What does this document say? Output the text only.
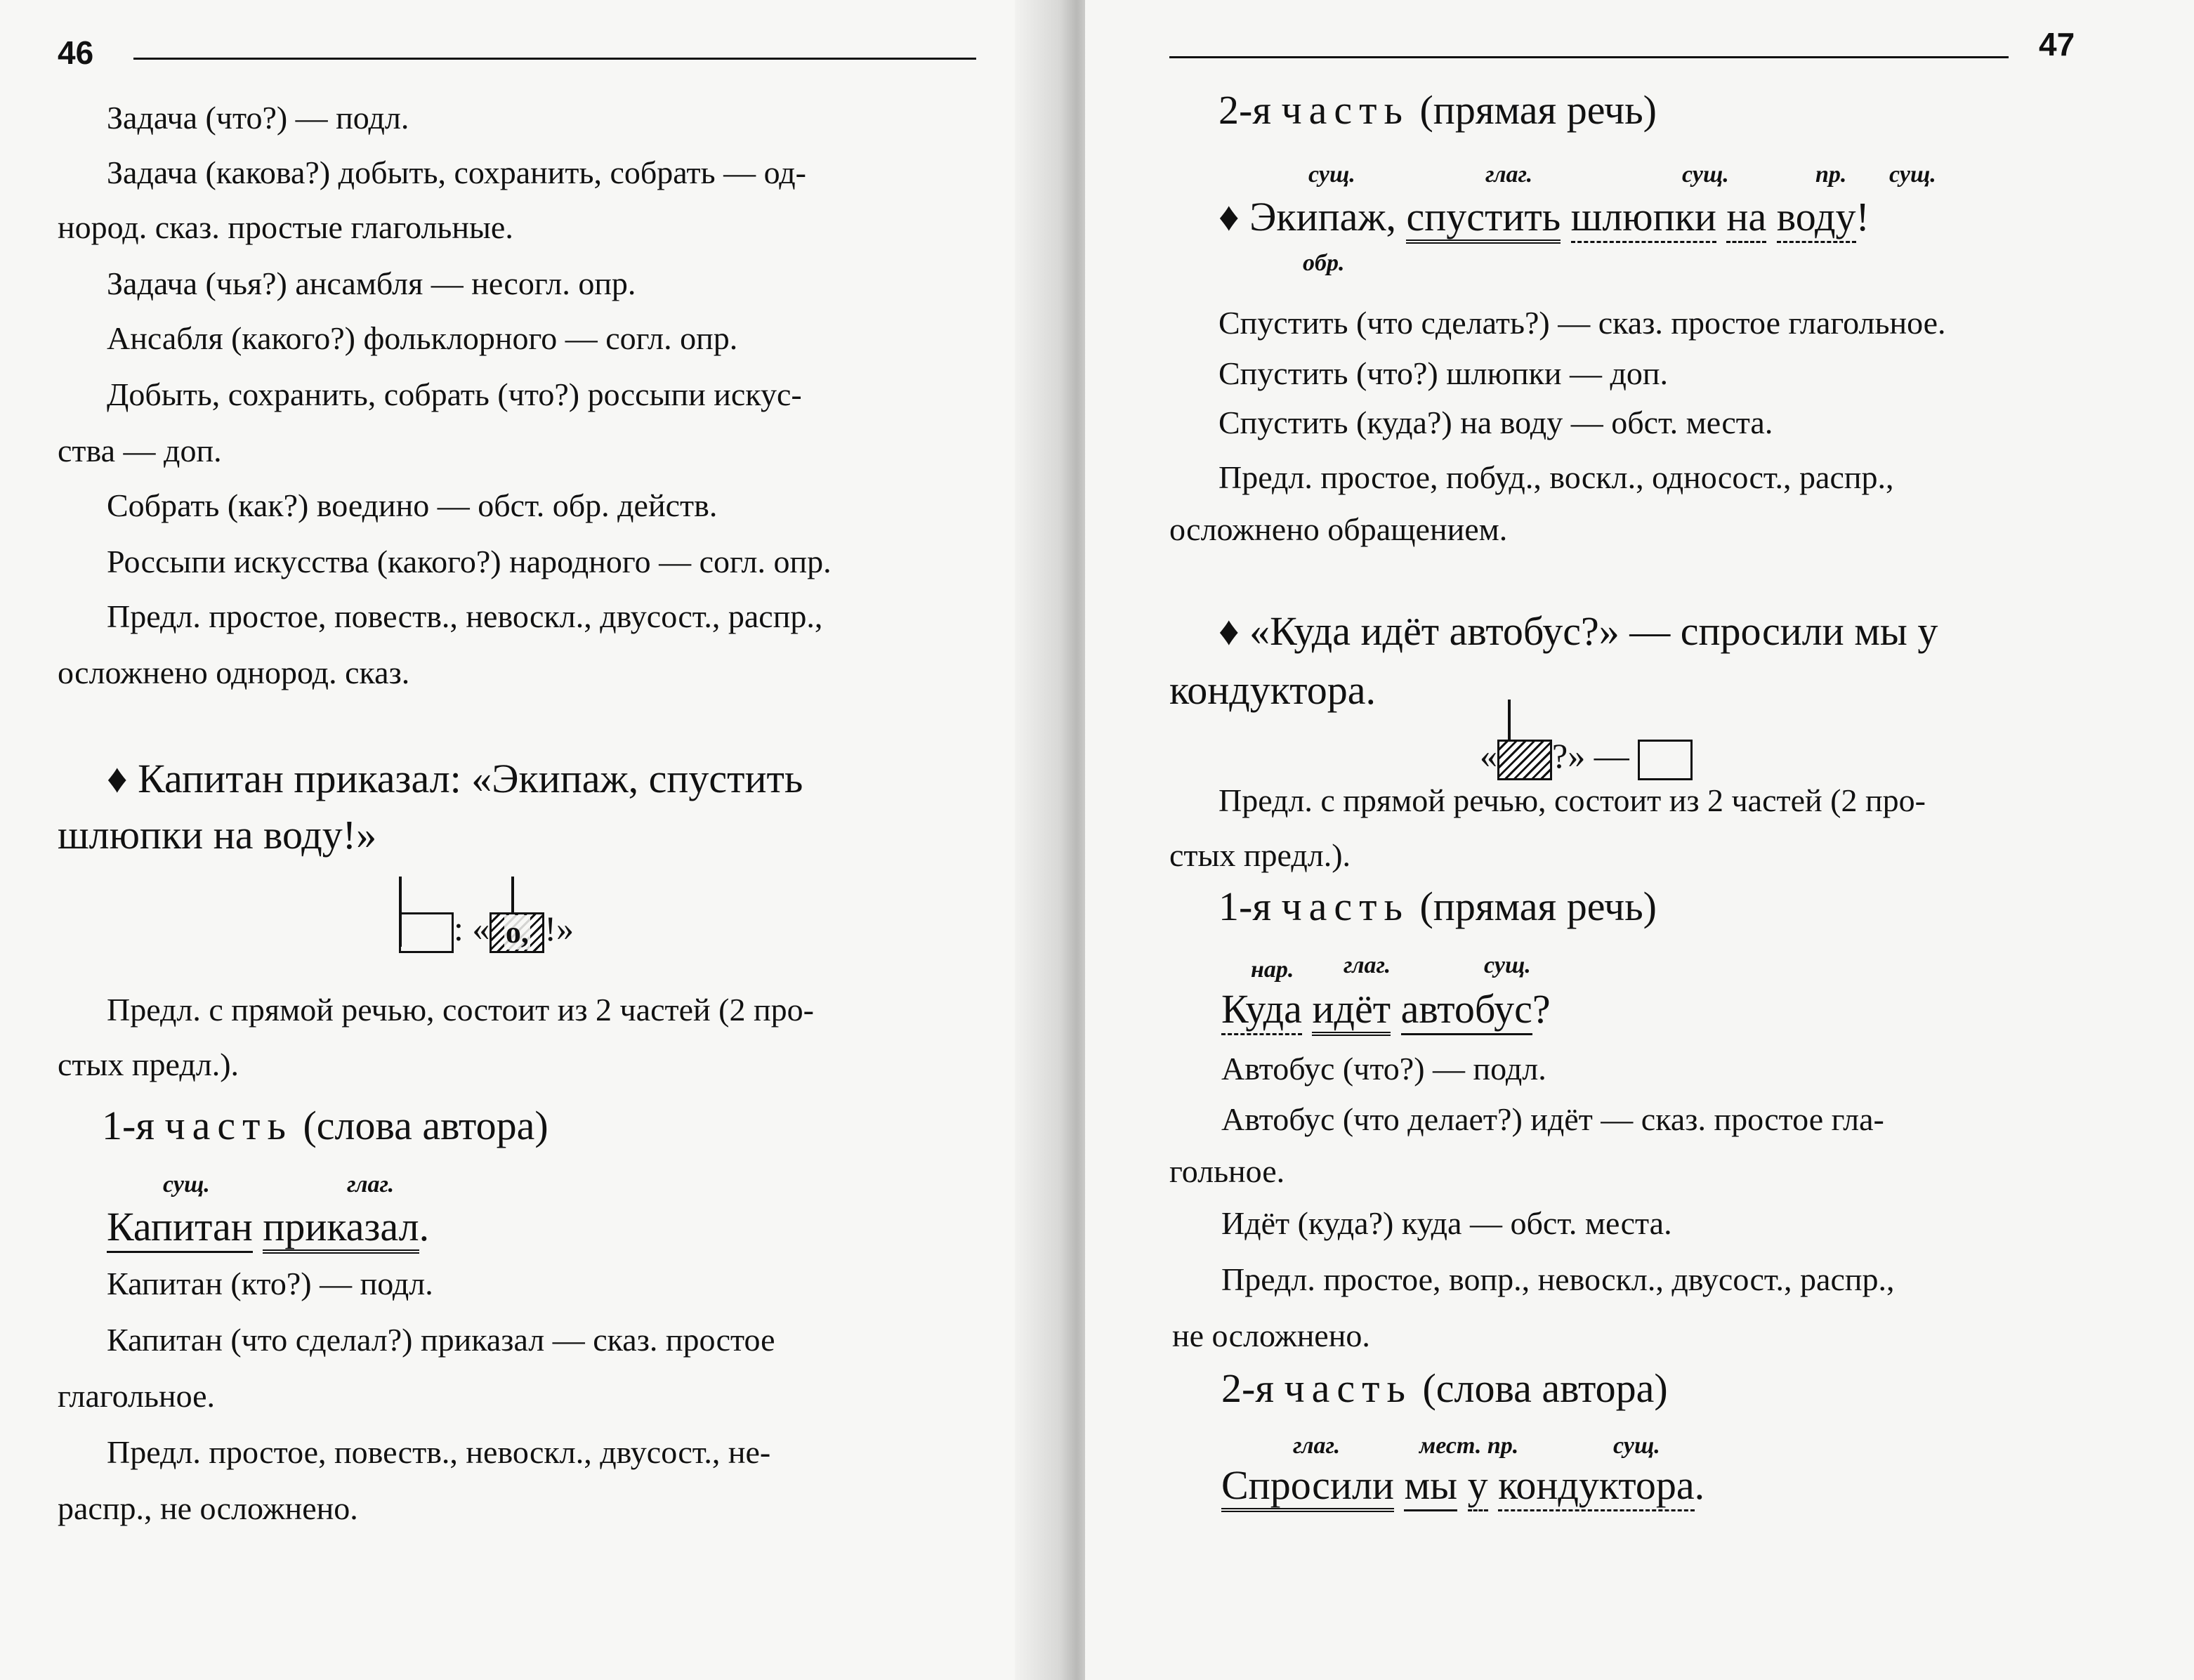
46
Задача (что?) — подл.
Задача (какова?) добыть, сохранить, собрать — од-
нород. сказ. простые глагольные.
Задача (чья?) ансамбля — несогл. опр.
Ансабля (какого?) фольклорного — согл. опр.
Добыть, сохранить, собрать (что?) россыпи искус-
ства — доп.
Собрать (как?) воедино — обст. обр. действ.
Россыпи искусства (какого?) народного — согл. опр.
Предл. простое, повеств., невоскл., двусост., распр.,
осложнено однород. сказ.
♦ Капитан приказал: «Экипаж, спустить
шлюпки на воду!»
: « о, !»
Предл. с прямой речью, состоит из 2 частей (2 про-
стых предл.).
1-я часть (слова автора)
сущ.	глаг.
Капитан приказал.
Капитан (кто?) — подл.
Капитан (что сделал?) приказал — сказ. простое
глагольное.
Предл. простое, повеств., невоскл., двусост., не-
распр., не осложнено.
47
2-я часть (прямая речь)
сущ.	глаг.	сущ.	пр. сущ.
♦ Экипаж, спустить шлюпки на воду!
обр.
Спустить (что сделать?) — сказ. простое глагольное.
Спустить (что?) шлюпки — доп.
Спустить (куда?) на воду — обст. места.
Предл. простое, побуд., воскл., односост., распр.,
осложнено обращением.
♦ «Куда идёт автобус?» — спросили мы у
кондуктора.
« ?» —
Предл. с прямой речью, состоит из 2 частей (2 про-
стых предл.).
1-я часть (прямая речь)
нар. глаг.	сущ.
Куда идёт автобус?
Автобус (что?) — подл.
Автобус (что делает?) идёт — сказ. простое гла-
гольное.
Идёт (куда?) куда — обст. места.
Предл. простое, вопр., невоскл., двусост., распр.,
не осложнено.
2-я часть (слова автора)
глаг.	мест. пр.	сущ.
Спросили мы у кондуктора.
